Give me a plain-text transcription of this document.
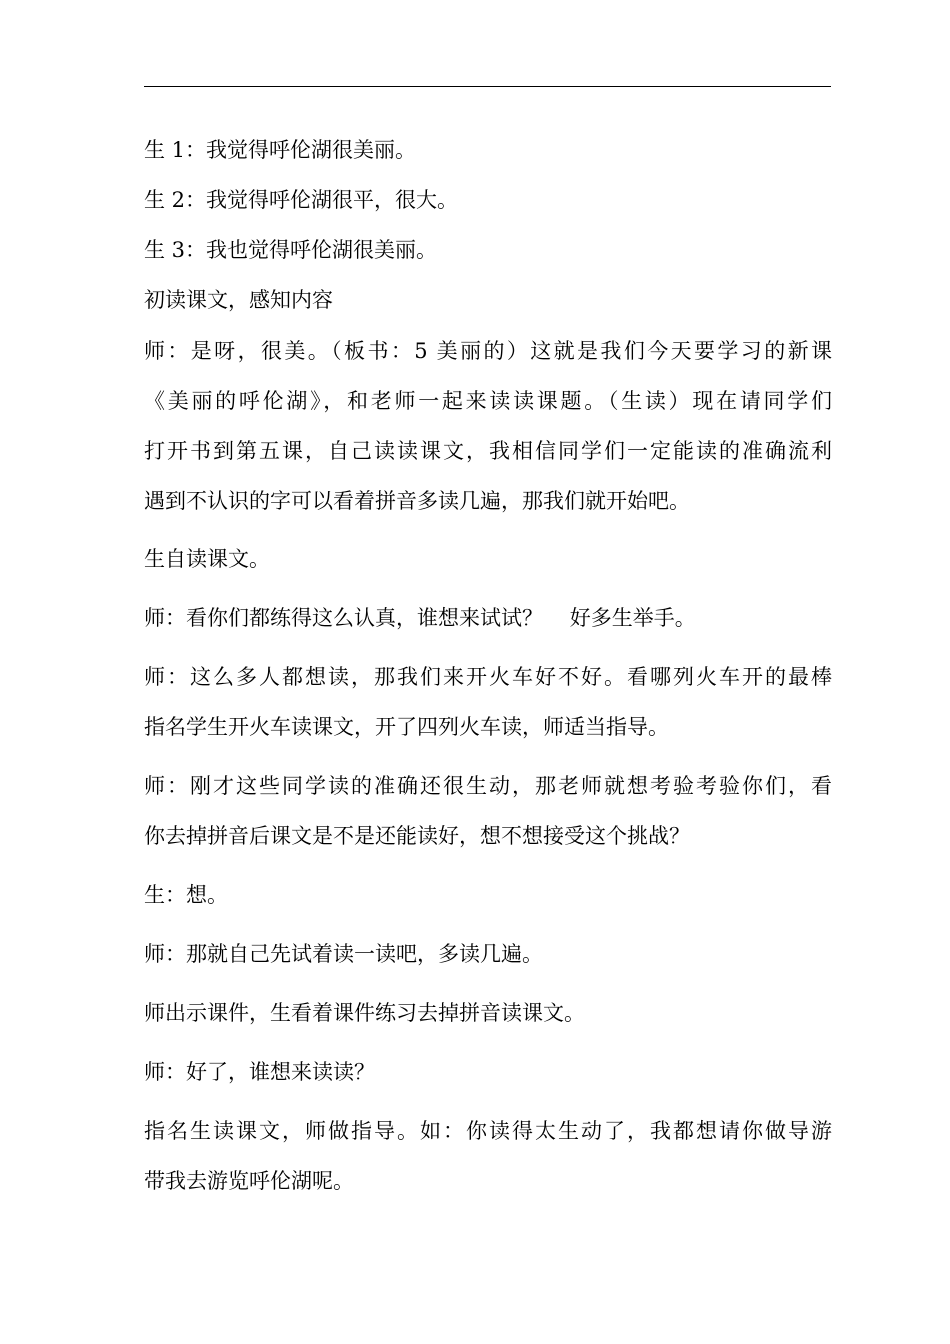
生 1：我觉得呼伦湖很美丽。
生 2：我觉得呼伦湖很平，很大。
生 3：我也觉得呼伦湖很美丽。
初读课文，感知内容
师：是呀，很美。（板书：5 美丽的）这就是我们今天要学习的新课
《美丽的呼伦湖》，和老师一起来读读课题。（生读）现在请同学们
打开书到第五课，自己读读课文，我相信同学们一定能读的准确流利
遇到不认识的字可以看着拼音多读几遍，那我们就开始吧。
生自读课文。
师：看你们都练得这么认真，谁想来试试？    好多生举手。
师：这么多人都想读，那我们来开火车好不好。看哪列火车开的最棒
指名学生开火车读课文，开了四列火车读，师适当指导。
师：刚才这些同学读的准确还很生动，那老师就想考验考验你们，看
你去掉拼音后课文是不是还能读好，想不想接受这个挑战？
生：想。
师：那就自己先试着读一读吧，多读几遍。
师出示课件，生看着课件练习去掉拼音读课文。
师：好了，谁想来读读？
指名生读课文，师做指导。如：你读得太生动了，我都想请你做导游
带我去游览呼伦湖呢。
